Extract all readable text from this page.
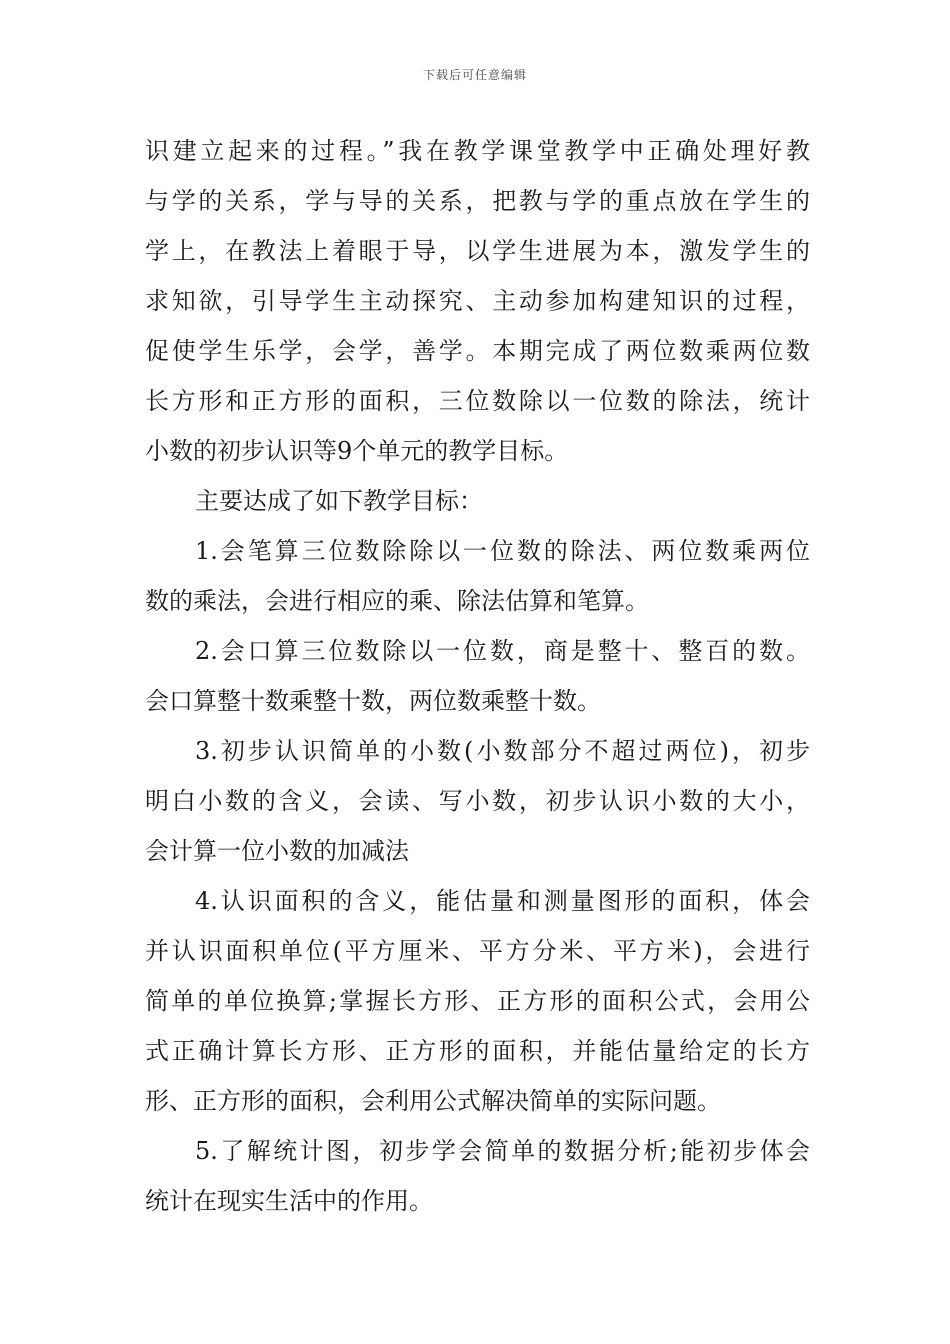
下载后可任意编辑
识建立起来的过程。”我在教学课堂教学中正确处理好教
与学的关系，学与导的关系，把教与学的重点放在学生的
学上，在教法上着眼于导，以学生进展为本，激发学生的
求知欲，引导学生主动探究、主动参加构建知识的过程，
促使学生乐学，会学，善学。本期完成了两位数乘两位数
长方形和正方形的面积，三位数除以一位数的除法，统计
小数的初步认识等9个单元的教学目标。
主要达成了如下教学目标：
1.会笔算三位数除除以一位数的除法、两位数乘两位
数的乘法，会进行相应的乘、除法估算和笔算。
2.会口算三位数除以一位数，商是整十、整百的数。
会口算整十数乘整十数，两位数乘整十数。
3.初步认识简单的小数(小数部分不超过两位)，初步
明白小数的含义，会读、写小数，初步认识小数的大小，
会计算一位小数的加减法
4.认识面积的含义，能估量和测量图形的面积，体会
并认识面积单位(平方厘米、平方分米、平方米)，会进行
简单的单位换算;掌握长方形、正方形的面积公式，会用公
式正确计算长方形、正方形的面积，并能估量给定的长方
形、正方形的面积，会利用公式解决简单的实际问题。
5.了解统计图，初步学会简单的数据分析;能初步体会
统计在现实生活中的作用。
